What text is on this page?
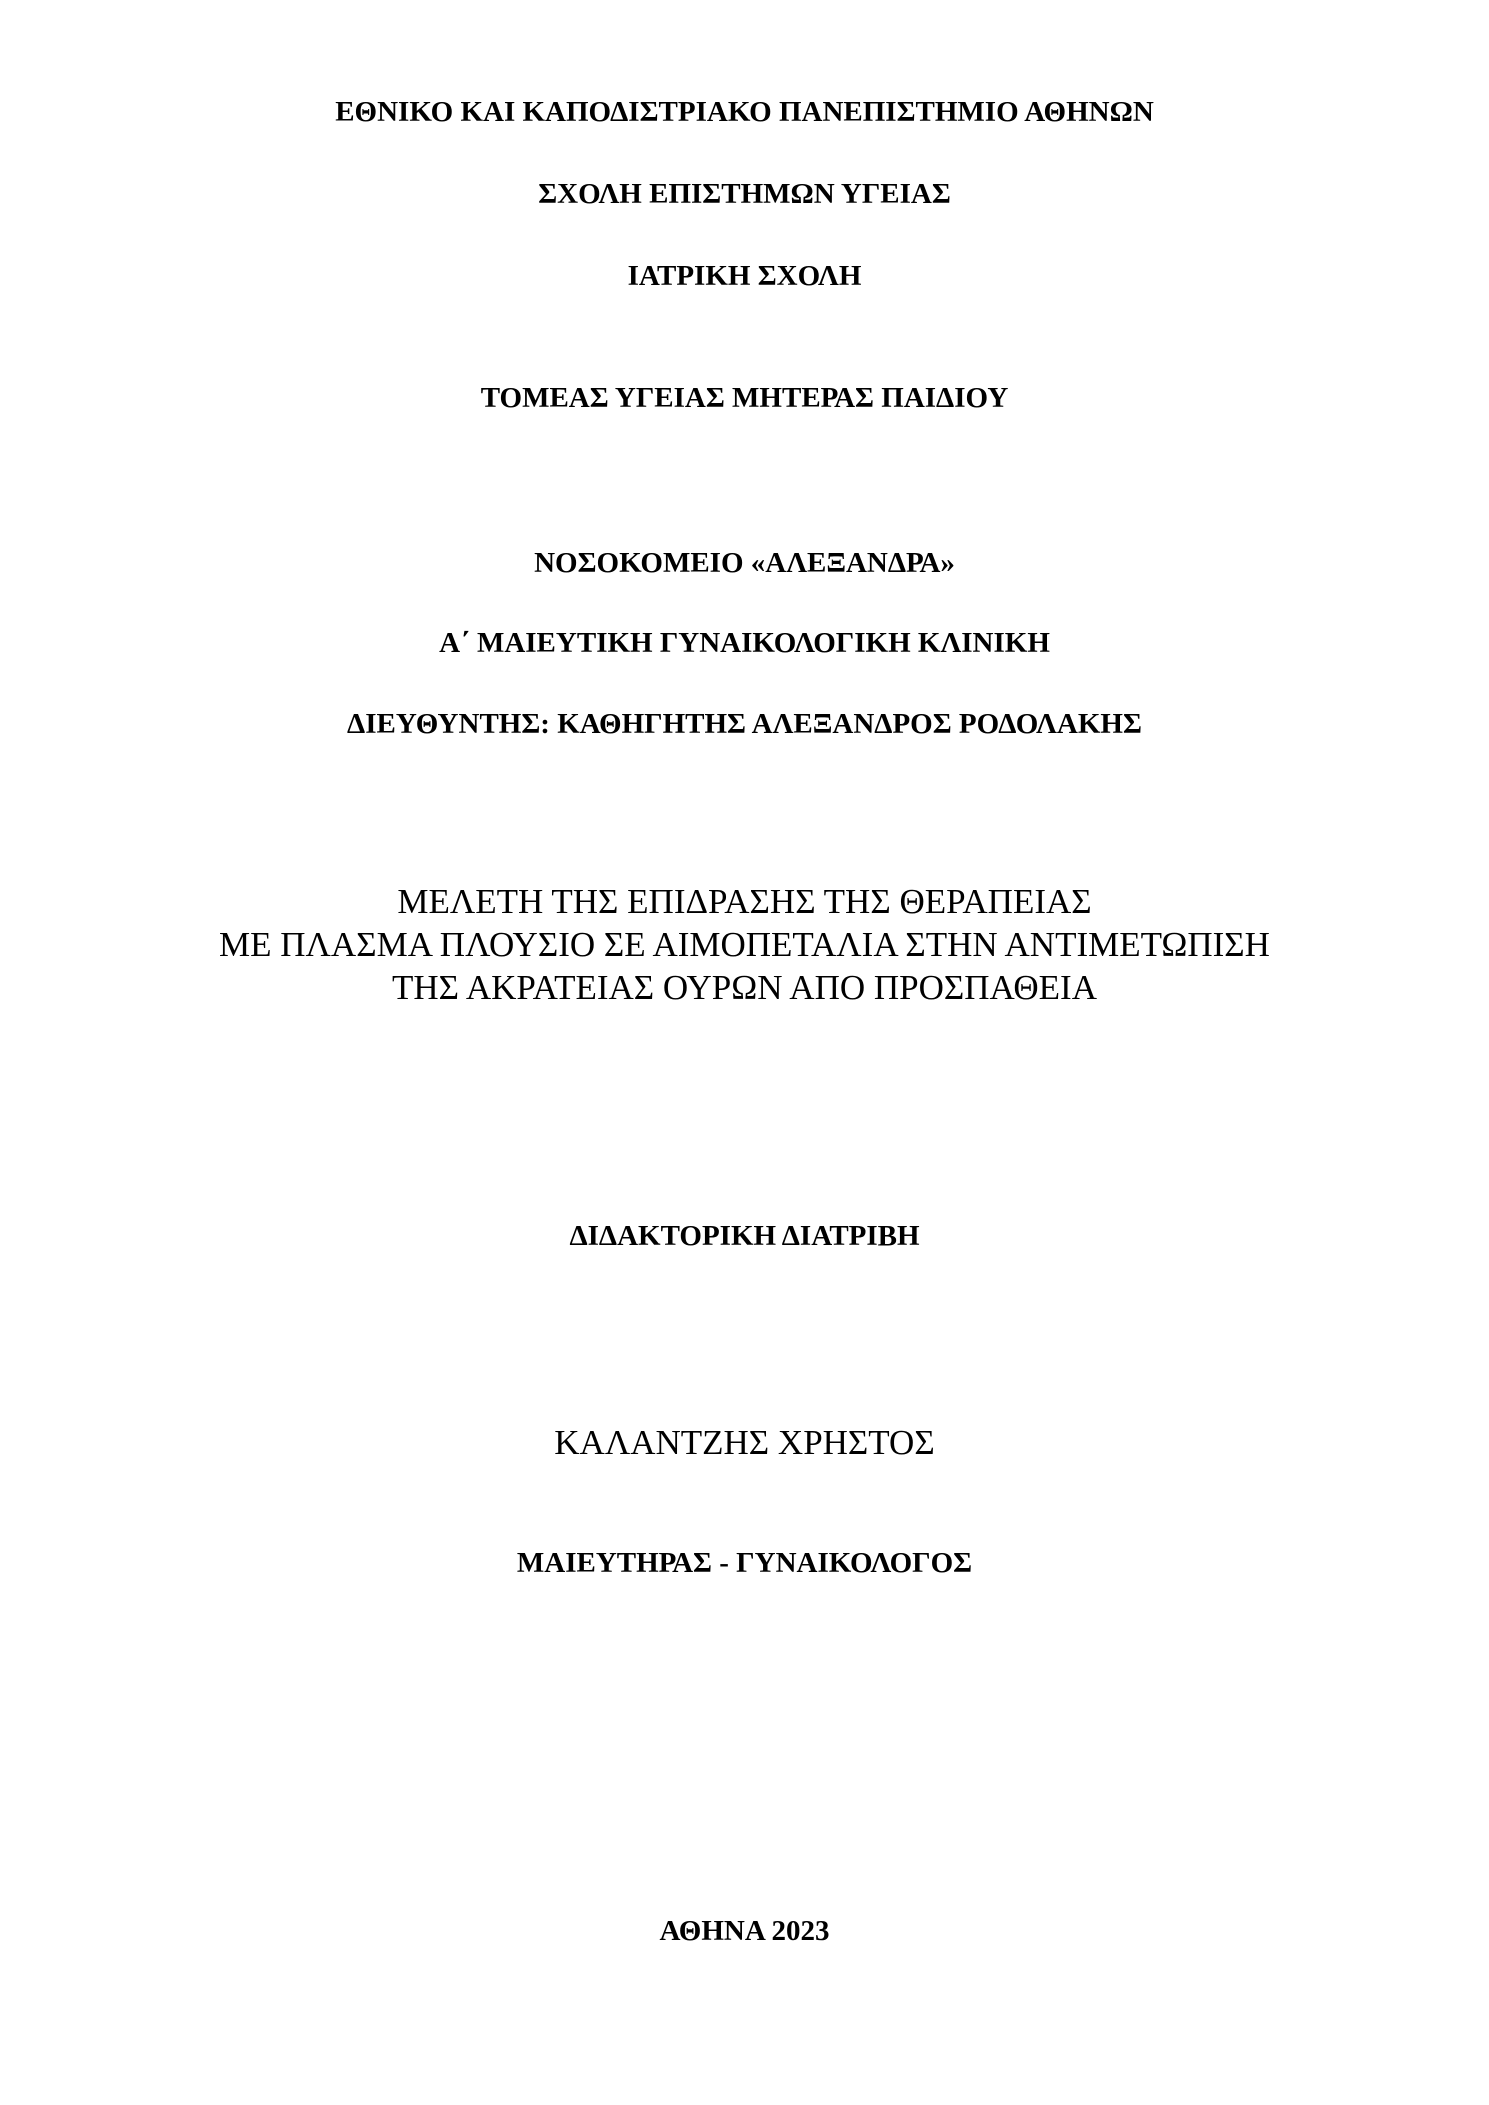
ΕΘΝΙΚΟ ΚΑΙ ΚΑΠΟΔΙΣΤΡΙΑΚΟ ΠΑΝΕΠΙΣΤΗΜΙΟ ΑΘΗΝΩΝ

ΣΧΟΛΗ ΕΠΙΣΤΗΜΩΝ ΥΓΕΙΑΣ

ΙΑΤΡΙΚΗ ΣΧΟΛΗ

ΤΟΜΕΑΣ ΥΓΕΙΑΣ ΜΗΤΕΡΑΣ ΠΑΙΔΙΟΥ

ΝΟΣΟΚΟΜΕΙΟ «ΑΛΕΞΑΝΔΡΑ»

Α΄ ΜΑΙΕΥΤΙΚΗ ΓΥΝΑΙΚΟΛΟΓΙΚΗ ΚΛΙΝΙΚΗ

ΔΙΕΥΘΥΝΤΗΣ: ΚΑΘΗΓΗΤΗΣ ΑΛΕΞΑΝΔΡΟΣ ΡΟΔΟΛΑΚΗΣ

ΜΕΛΕΤΗ ΤΗΣ ΕΠΙΔΡΑΣΗΣ ΤΗΣ ΘΕΡΑΠΕΙΑΣ
ΜΕ ΠΛΑΣΜΑ ΠΛΟΥΣΙΟ ΣΕ ΑΙΜΟΠΕΤΑΛΙΑ ΣΤΗΝ ΑΝΤΙΜΕΤΩΠΙΣΗ
ΤΗΣ ΑΚΡΑΤΕΙΑΣ ΟΥΡΩΝ ΑΠΟ ΠΡΟΣΠΑΘΕΙΑ

ΔΙΔΑΚΤΟΡΙΚΗ ΔΙΑΤΡΙΒΗ

ΚΑΛΑΝΤΖΗΣ ΧΡΗΣΤΟΣ

ΜΑΙΕΥΤΗΡΑΣ - ΓΥΝΑΙΚΟΛΟΓΟΣ

ΑΘΗΝΑ 2023
